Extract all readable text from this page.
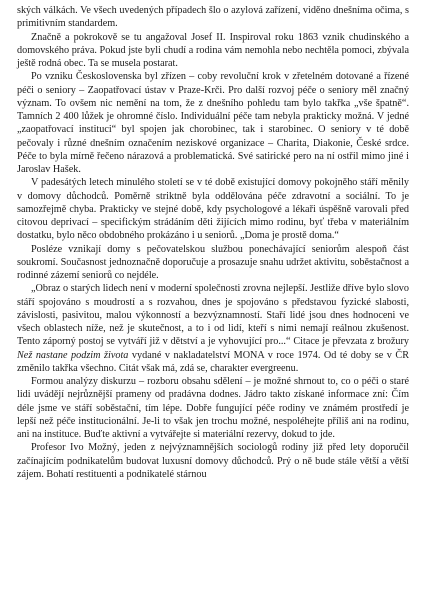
ských válkách. Ve všech uvedených případech šlo o azylová zařízení, viděno dnešníma očima, s primitivním standardem.

Značně a pokrokově se tu angažoval Josef II. Inspiroval roku 1863 vznik chudinského a domovského práva. Pokud jste byli chudí a rodina vám nemohla nebo nechtěla pomoci, zbývala ještě rodná obec. Ta se musela postarat.

Po vzniku Československa byl zřízen – coby revoluční krok v zřetelném dotované a řízené péči o seniory – Zaopatřovací ústav v Praze-Krči. Pro další rozvoj péče o seniory měl značný význam. To ovšem nic nemění na tom, že z dnešního pohledu tam bylo takřka „vše špatně“. Tamních 2 400 lůžek je ohromné číslo. Individuální péče tam nebyla prakticky možná. V jedné „zaopatřovací instituci“ byl spojen jak chorobinec, tak i starobinec. O seniory v té době pečovaly i různé dnešním označením neziskové organizace – Charita, Diakonie, České srdce. Péče to byla mírně řečeno nárazová a problematická. Své satirické pero na ní ostřil mimo jiné i Jaroslav Hašek.

V padesátých letech minulého století se v té době existující domovy pokojněho stáří měnily v domovy důchodců. Poměrně striktně byla oddělována péče zdravotní a sociální. To je samozřejmě chyba. Prakticky ve stejné době, kdy psychologové a lékaři úspěšně varovali před citovou deprivací – specifickým strádáním děti žijících mimo rodinu, byť třeba v materiálním dostatku, bylo něco obdobného prokázáno i u seniorů. „Doma je prostě doma.“

Posléze vznikají domy s pečovatelskou službou ponechávající seniorům alespoň část soukromí. Současnost jednoznačně doporučuje a prosazuje snahu udržet aktivitu, soběstačnost a rodinné zázemí seniorů co nejdéle.

„Obraz o starých lidech není v moderní společnosti zrovna nejlepší. Jestliže dříve bylo slovo stáří spojováno s moudrostí a s rozvahou, dnes je spojováno s představou fyzické slabosti, závislosti, pasivitou, malou výkonností a bezvýznamností. Staří lidé jsou dnes hodnoceni ve všech oblastech níže, než je skutečnost, a to i od lidí, kteří s nimi nemají reálnou zkušenost. Tento záporný postoj se vytváří již v dětství a je vyhovující pro...“ Citace je převzata z brožury Než nastane podzim života vydané v nakladatelství MONA v roce 1974. Od té doby se v ČR změnilo takřka všechno. Citát však má, zdá se, charakter evergreenu.

Formou analýzy diskurzu – rozboru obsahu sdělení – je možné shrnout to, co o péči o staré lidi uvádějí nejrůznější prameny od pradávna dodnes. Jádro takto získané informace zní: Čím déle jsme ve stáří soběstační, tím lépe. Dobře fungující péče rodiny ve známém prostředí je lepší než péče institucionální. Je-li to však jen trochu možné, nespoléhejte příliš ani na rodinu, ani na instituce. Buďte aktivní a vytvářejte si materiální rezervy, dokud to jde.

Profesor Ivo Možný, jeden z nejvýznamnějších sociologů rodiny již před lety doporučil začínajícím podnikatelům budovat luxusní domovy důchodců. Prý o ně bude stále větší a větší zájem. Bohatí restituenti a podnikatelé stárnou
